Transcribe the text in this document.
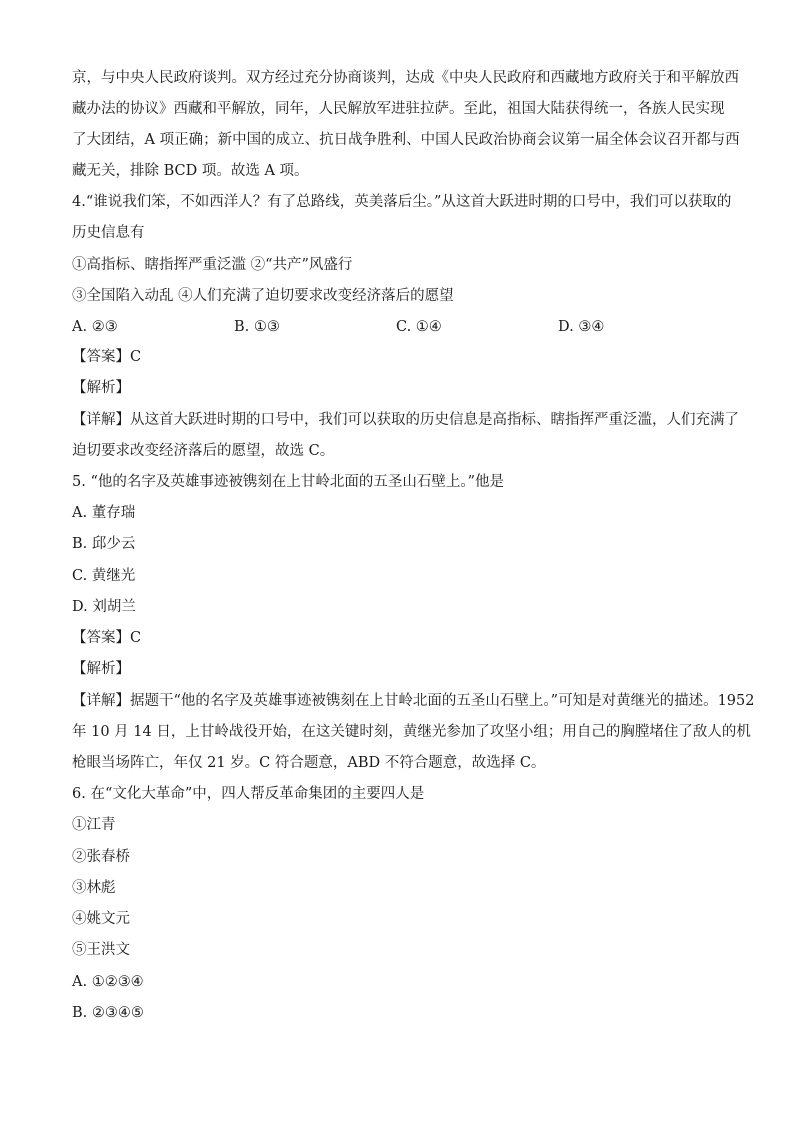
京，与中央人民政府谈判。双方经过充分协商谈判，达成《中央人民政府和西藏地方政府关于和平解放西
藏办法的协议》西藏和平解放，同年，人民解放军进驻拉萨。至此，祖国大陆获得统一，各族人民实现
了大团结，A 项正确；新中国的成立、抗日战争胜利、中国人民政治协商会议第一届全体会议召开都与西
藏无关，排除 BCD 项。故选 A 项。
4.“谁说我们笨，不如西洋人？有了总路线，英美落后尘。”从这首大跃进时期的口号中，我们可以获取的
历史信息有
①高指标、瞎指挥严重泛滥 ②“共产”风盛行
③全国陷入动乱 ④人们充满了迫切要求改变经济落后的愿望
A. ②③	B. ①③	C. ①④	D. ③④
【答案】C
【解析】
【详解】从这首大跃进时期的口号中，我们可以获取的历史信息是高指标、瞎指挥严重泛滥，人们充满了
迫切要求改变经济落后的愿望，故选 C。
5. “他的名字及英雄事迹被镌刻在上甘岭北面的五圣山石壁上。”他是
A. 董存瑞
B. 邱少云
C. 黄继光
D. 刘胡兰
【答案】C
【解析】
【详解】据题干“他的名字及英雄事迹被镌刻在上甘岭北面的五圣山石壁上。”可知是对黄继光的描述。1952
年 10 月 14 日，上甘岭战役开始，在这关键时刻，黄继光参加了攻坚小组；用自己的胸膛堵住了敌人的机
枪眼当场阵亡，年仅 21 岁。C 符合题意，ABD 不符合题意，故选择 C。
6. 在“文化大革命”中，四人帮反革命集团的主要四人是
①江青
②张春桥
③林彪
④姚文元
⑤王洪文
A. ①②③④
B. ②③④⑤
